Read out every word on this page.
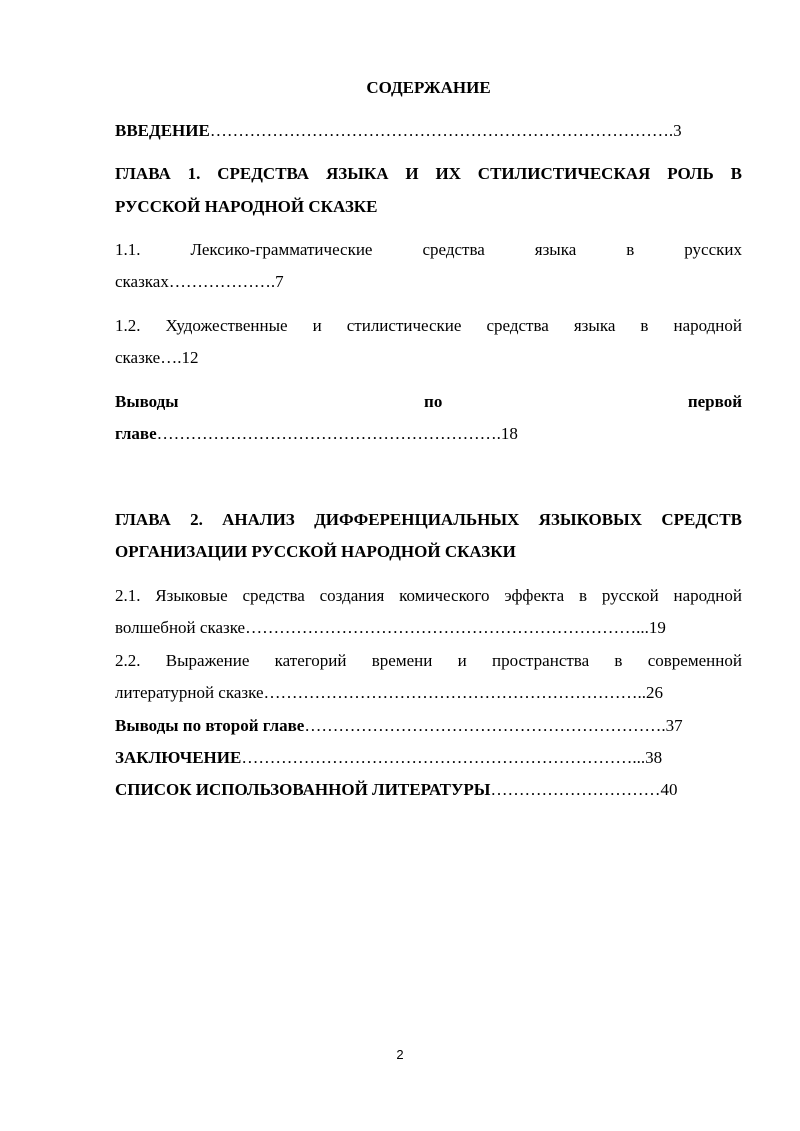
СОДЕРЖАНИЕ
ВВЕДЕНИЕ……………………………………………………………………….3
ГЛАВА 1. СРЕДСТВА ЯЗЫКА И ИХ СТИЛИСТИЧЕСКАЯ РОЛЬ В
РУССКОЙ НАРОДНОЙ СКАЗКЕ
1.1.	Лексико-грамматические	средства	языка	в	русских
сказках……………….7
1.2. Художественные и стилистические средства языка в народной
сказке….12
Выводы	по	первой
главе…………………………………………………….18
ГЛАВА 2. АНАЛИЗ ДИФФЕРЕНЦИАЛЬНЫХ ЯЗЫКОВЫХ СРЕДСТВ
ОРГАНИЗАЦИИ РУССКОЙ НАРОДНОЙ СКАЗКИ
2.1. Языковые средства создания комического эффекта в русской народной
волшебной сказке……………………………………………………………...19
2.2. Выражение категорий времени и пространства в современной
литературной сказке…………………………………………………………..26
Выводы по второй главе……………………………………………………….37
ЗАКЛЮЧЕНИЕ……………………………………………………………...38
СПИСОК ИСПОЛЬЗОВАННОЙ ЛИТЕРАТУРЫ…………………………40
2
